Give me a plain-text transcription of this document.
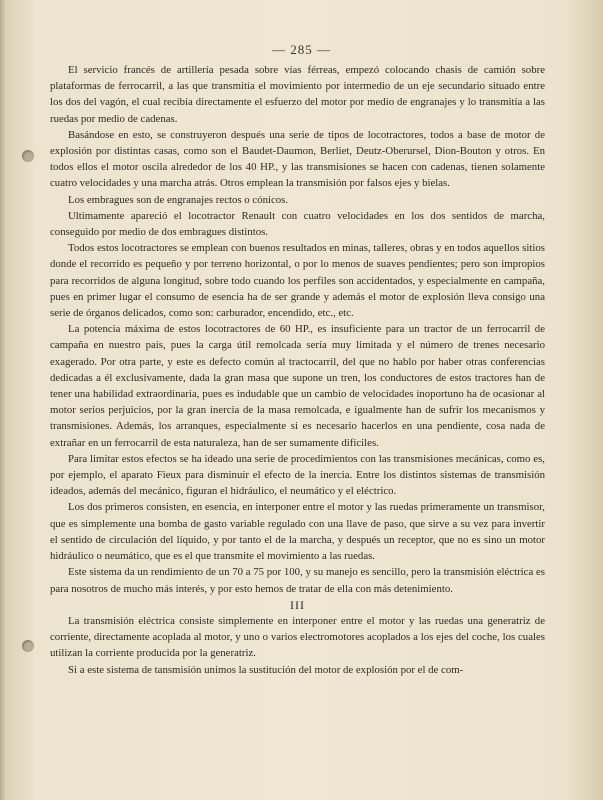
— 285 —

El servicio francés de artillería pesada sobre vías férreas, empezó colocando chasis de camión sobre plataformas de ferrocarril, a las que transmitía el movimiento por intermedio de un eje secundario situado entre los dos del vagón, el cual recibía directamente el esfuerzo del motor por medio de engranajes y lo transmitía a las ruedas por medio de cadenas.

Basándose en esto, se construyeron después una serie de tipos de locotractores, todos a base de motor de explosión por distintas casas, como son el Baudet-Daumon, Berliet, Deutz-Oberursel, Dion-Bouton y otros. En todos ellos el motor oscila alrededor de los 40 HP., y las transmisiones se hacen con cadenas, tienen solamente cuatro velocidades y una marcha atrás. Otros emplean la transmisión por falsos ejes y bielas.

Los embragues son de engranajes rectos o cónicos.

Ultimamente apareció el locotractor Renault con cuatro velocidades en los dos sentidos de marcha, conseguido por medio de dos embragues distintos.

Todos estos locotractores se emplean con buenos resultados en minas, talleres, obras y en todos aquellos sitios donde el recorrido es pequeño y por terreno horizontal, o por lo menos de suaves pendientes; pero son impropios para recorridos de alguna longitud, sobre todo cuando los perfiles son accidentados, y especialmente en campaña, pues en primer lugar el consumo de esencia ha de ser grande y además el motor de explosión lleva consigo una serie de órganos delicados, como son: carburador, encendido, etc., etc.

La potencia máxima de estos locotractores de 60 HP., es insuficiente para un tractor de un ferrocarril de campaña en nuestro país, pues la carga útil remolcada sería muy limitada y el número de trenes necesario exagerado. Por otra parte, y este es defecto común al tractocarril, del que no hablo por haber otras conferencias dedicadas a él exclusivamente, dada la gran masa que supone un tren, los conductores de estos tractores han de tener una habilidad extraordinaria, pues es indudable que un cambio de velocidades inoportuno ha de ocasionar al motor serios perjuicios, por la gran inercia de la masa remolcada, e igualmente han de sufrir los mecanismos y transmisiones. Además, los arranques, especialmente si es necesario hacerlos en una pendiente, cosa nada de extrañar en un ferrocarril de esta naturaleza, han de ser sumamente difíciles.

Para limitar estos efectos se ha ideado una serie de procedimientos con las transmisiones mecánicas, como es, por ejemplo, el aparato Fieux para disminuir el efecto de la inercia. Entre los distintos sistemas de transmisión ideados, además del mecánico, figuran el hidráulico, el neumático y el eléctrico.

Los dos primeros consisten, en esencia, en interponer entre el motor y las ruedas primeramente un transmisor, que es simplemente una bomba de gasto variable regulado con una llave de paso, que sirve a su vez para invertir el sentido de circulación del líquido, y por tanto el de la marcha, y después un receptor, que no es sino un motor hidráulico o neumático, que es el que transmite el movimiento a las ruedas.

Este sistema da un rendimiento de un 70 a 75 por 100, y su manejo es sencillo, pero la transmisión eléctrica es para nosotros de mucho más interés, y por esto hemos de tratar de ella con más detenimiento.

III

La transmisión eléctrica consiste simplemente en interponer entre el motor y las ruedas una generatriz de corriente, directamente acoplada al motor, y uno o varios electromotores acoplados a los ejes del coche, los cuales utilizan la corriente producida por la generatriz.

Si a este sistema de tansmisión unimos la sustitución del motor de explosión por el de com-
